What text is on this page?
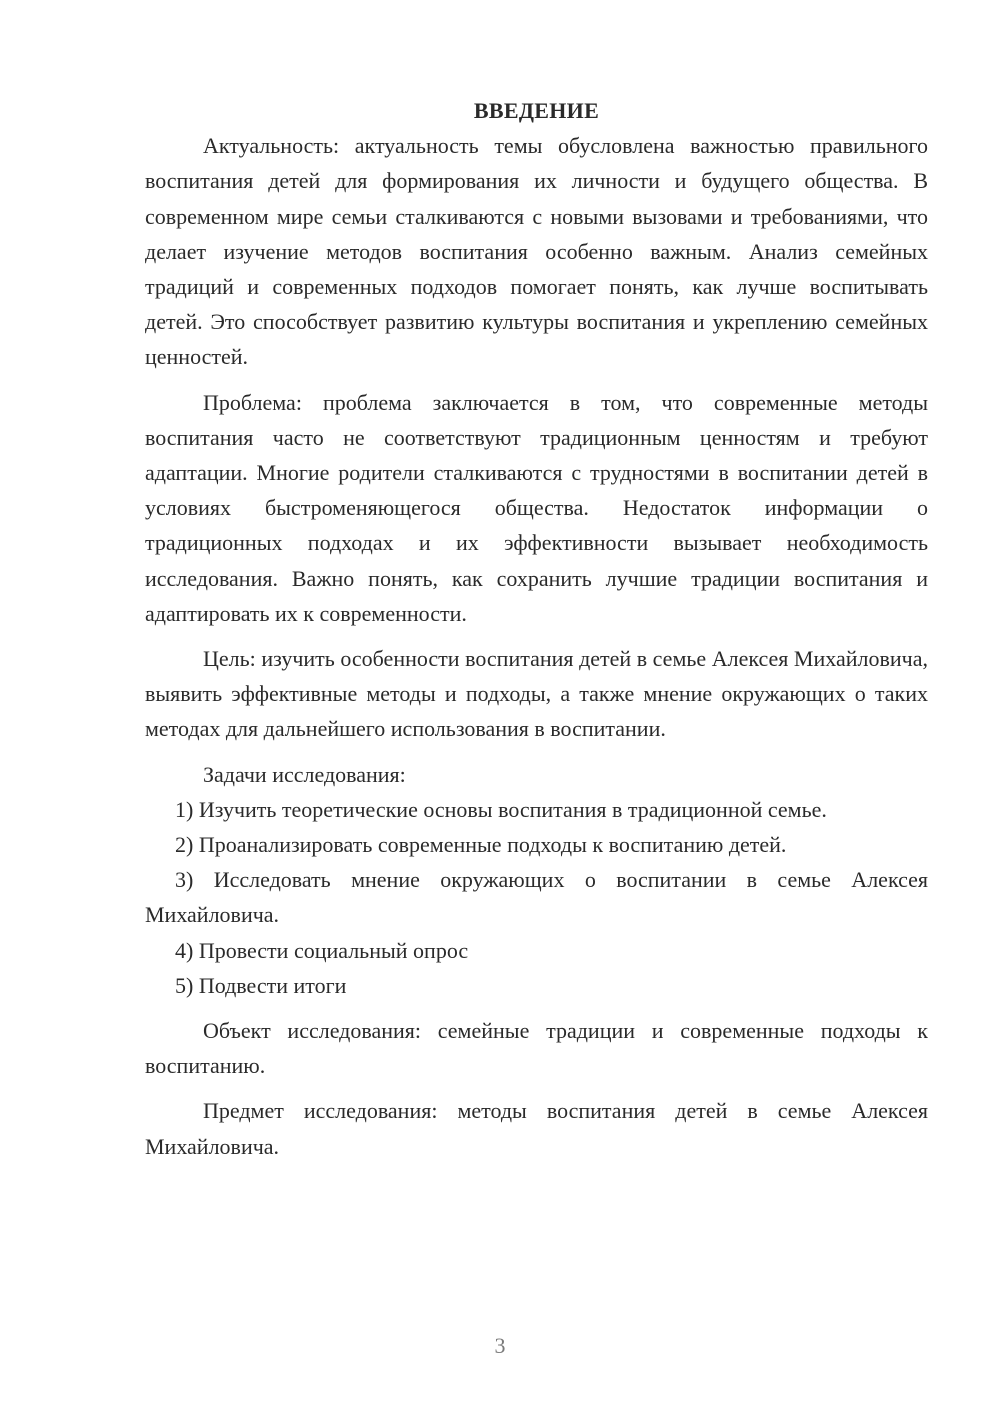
ВВЕДЕНИЕ

Актуальность: актуальность темы обусловлена важностью правильного воспитания детей для формирования их личности и будущего общества. В современном мире семьи сталкиваются с новыми вызовами и требованиями, что делает изучение методов воспитания особенно важным. Анализ семейных традиций и современных подходов помогает понять, как лучше воспитывать детей. Это способствует развитию культуры воспитания и укреплению семейных ценностей.

Проблема: проблема заключается в том, что современные методы воспитания часто не соответствуют традиционным ценностям и требуют адаптации. Многие родители сталкиваются с трудностями в воспитании детей в условиях быстроменяющегося общества. Недостаток информации о традиционных подходах и их эффективности вызывает необходимость исследования. Важно понять, как сохранить лучшие традиции воспитания и адаптировать их к современности.

Цель: изучить особенности воспитания детей в семье Алексея Михайловича, выявить эффективные методы и подходы, а также мнение окружающих о таких методах для дальнейшего использования в воспитании.

Задачи исследования:

1) Изучить теоретические основы воспитания в традиционной семье.

2) Проанализировать современные подходы к воспитанию детей.

3) Исследовать мнение окружающих о воспитании в семье Алексея Михайловича.

4) Провести социальный опрос

5) Подвести итоги

Объект исследования: семейные традиции и современные подходы к воспитанию.

Предмет исследования: методы воспитания детей в семье Алексея Михайловича.

3
